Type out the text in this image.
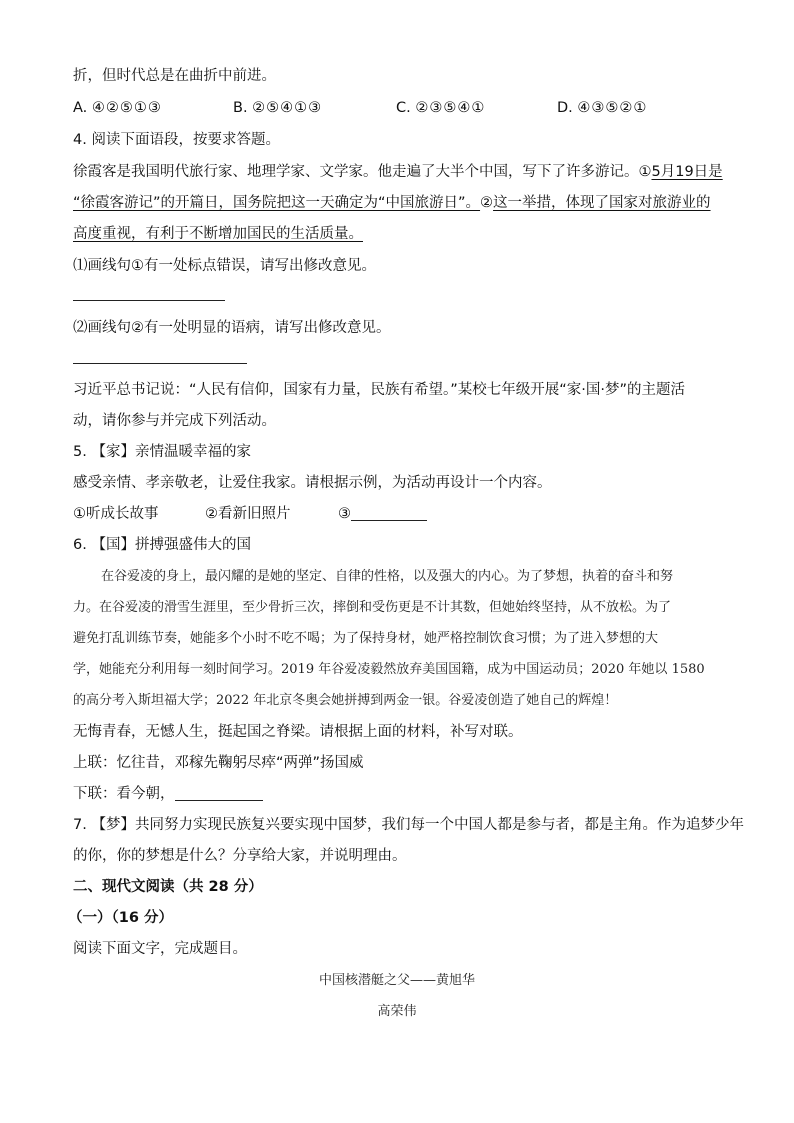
折，但时代总是在曲折中前进。
A. ④②⑤①③	B. ②⑤④①③	C. ②③⑤④①	D. ④③⑤②①
4. 阅读下面语段，按要求答题。
徐霞客是我国明代旅行家、地理学家、文学家。他走遍了大半个中国，写下了许多游记。①5月19日是
“徐霞客游记”的开篇日，国务院把这一天确定为“中国旅游日”。②这一举措，体现了国家对旅游业的
高度重视，有利于不断增加国民的生活质量。
⑴画线句①有一处标点错误，请写出修改意见。
⑵画线句②有一处明显的语病，请写出修改意见。
习近平总书记说：“人民有信仰，国家有力量，民族有希望。”某校七年级开展“家·国·梦”的主题活
动，请你参与并完成下列活动。
5. 【家】亲情温暖幸福的家
感受亲情、孝亲敬老，让爱住我家。请根据示例，为活动再设计一个内容。
①听成长故事	②看新旧照片	③
6. 【国】拼搏强盛伟大的国
在谷爱凌的身上，最闪耀的是她的坚定、自律的性格，以及强大的内心。为了梦想，执着的奋斗和努
力。在谷爱凌的滑雪生涯里，至少骨折三次，摔倒和受伤更是不计其数，但她始终坚持，从不放松。为了
避免打乱训练节奏，她能多个小时不吃不喝；为了保持身材，她严格控制饮食习惯；为了进入梦想的大
学，她能充分利用每一刻时间学习。2019 年谷爱凌毅然放弃美国国籍，成为中国运动员；2020 年她以 1580
的高分考入斯坦福大学；2022 年北京冬奥会她拼搏到两金一银。谷爱凌创造了她自己的辉煌！
无悔青春，无憾人生，挺起国之脊梁。请根据上面的材料，补写对联。
上联：忆往昔，邓稼先鞠躬尽瘁“两弹”扬国威
下联：看今朝，
7. 【梦】共同努力实现民族复兴要实现中国梦，我们每一个中国人都是参与者，都是主角。作为追梦少年
的你，你的梦想是什么？分享给大家，并说明理由。
二、现代文阅读（共 28 分）
（一）（16 分）
阅读下面文字，完成题目。
中国核潜艇之父——黄旭华
高荣伟
